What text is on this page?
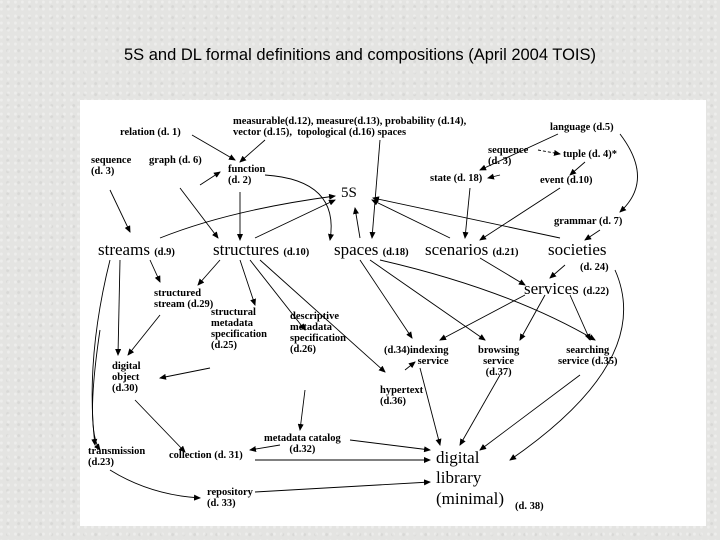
5S and DL formal definitions and compositions (April 2004 TOIS)
relation (d. 1)
measurable(d.12), measure(d.13), probability (d.14),
vector (d.15),  topological (d.16) spaces	language (d.5)
sequence
(d. 3)
graph (d. 6)
function
(d. 2)
sequence
(d. 3)
tuple (d. 4)*
state (d. 18)	event (d.10)
5S
grammar (d. 7)
streams (d.9) structures (d.10) spaces (d.18) scenarios (d.21) societies
(d. 24)
services (d.22)
structured
stream (d.29)
structural
metadata
specification
(d.25)
descriptive
metadata
specification
(d.26)	(d.34)indexing
service
browsing
service
(d.37)
searching
service (d.35)
digital
object
(d.30)	hypertext
(d.36)
metadata catalog
(d.32)
transmission
(d.23)
collection (d. 31)	digital
library
(minimal) (d. 38)
repository
(d. 33)
